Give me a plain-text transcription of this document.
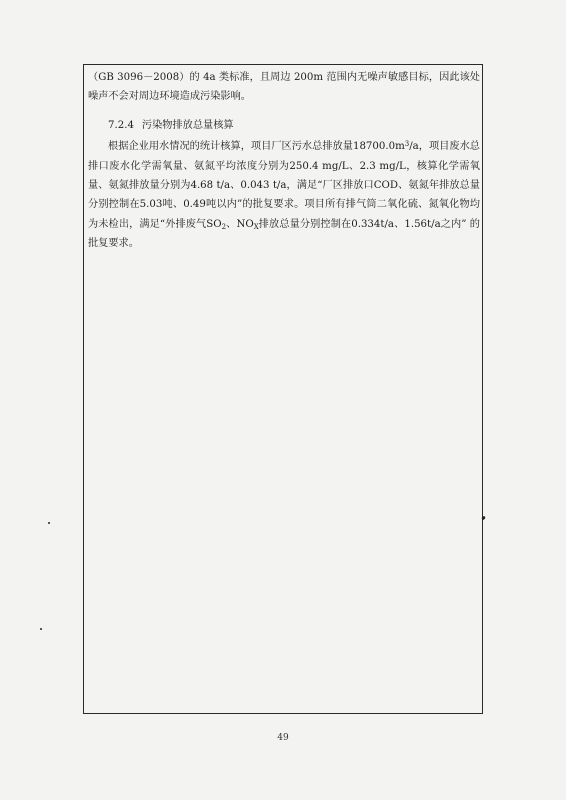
（GB 3096－2008）的 4a 类标准，且周边 200m 范围内无噪声敏感目标，因此该处噪声不会对周边环境造成污染影响。

7.2.4 污染物排放总量核算

根据企业用水情况的统计核算，项目厂区污水总排放量$18700.0m^3/a$，项目废水总排口废水化学需氧量、氨氮平均浓度分别为250.4 mg/L、2.3 mg/L，核算化学需氧量、氨氮排放量分别为4.68 t/a、0.043 t/a，满足“厂区排放口COD、氨氮年排放总量分别控制在5.03吨、0.49吨以内”的批复要求。项目所有排气筒二氧化硫、氮氧化物均为未检出，满足“外排废气$SO_2$、$NO_X$排放总量分别控制在0.334t/a、1.56t/a之内” 的批复要求。

49
